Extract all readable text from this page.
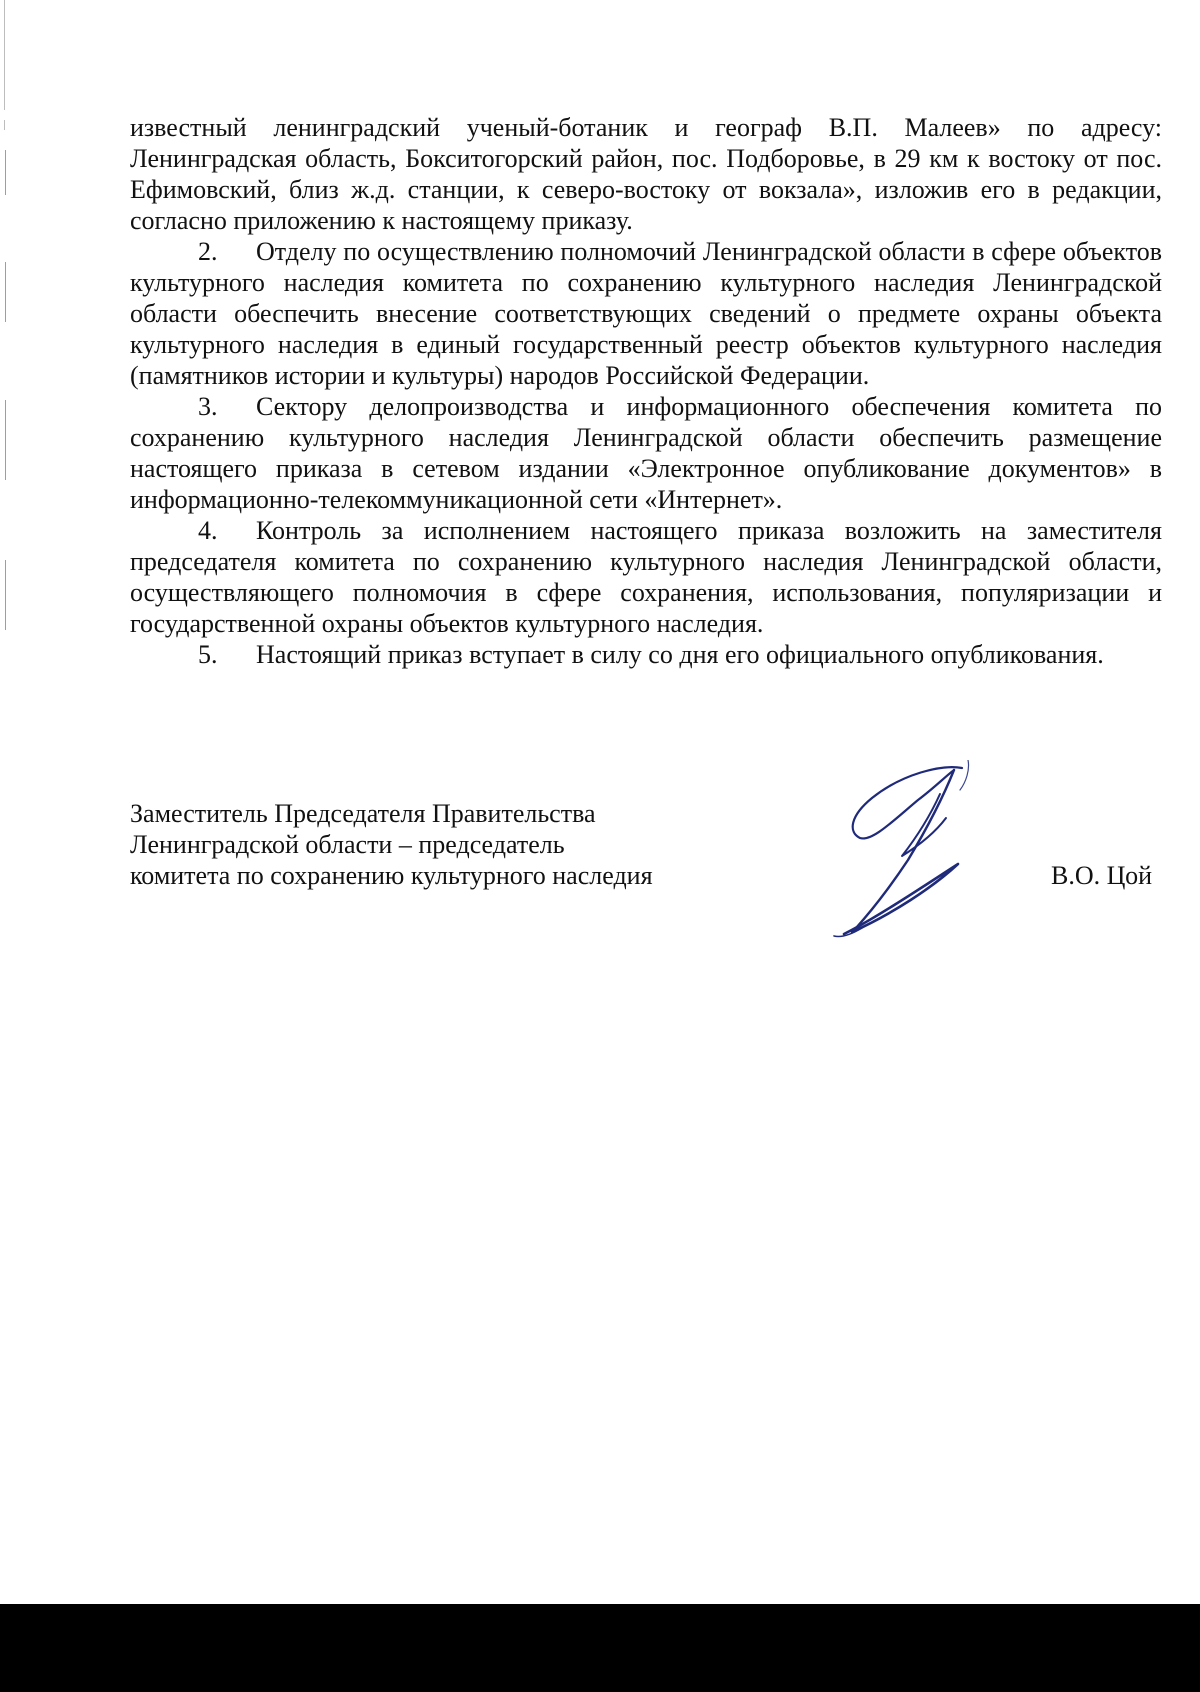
известный ленинградский ученый-ботаник и географ В.П. Малеев» по адресу: Ленинградская область, Бокситогорский район, пос. Подборовье, в 29 км к востоку от пос. Ефимовский, близ ж.д. станции, к северо-востоку от вокзала», изложив его в редакции, согласно приложению к настоящему приказу.

2. Отделу по осуществлению полномочий Ленинградской области в сфере объектов культурного наследия комитета по сохранению культурного наследия Ленинградской области обеспечить внесение соответствующих сведений о предмете охраны объекта культурного наследия в единый государственный реестр объектов культурного наследия (памятников истории и культуры) народов Российской Федерации.

3. Сектору делопроизводства и информационного обеспечения комитета по сохранению культурного наследия Ленинградской области обеспечить размещение настоящего приказа в сетевом издании «Электронное опубликование документов» в информационно-телекоммуникационной сети «Интернет».

4. Контроль за исполнением настоящего приказа возложить на заместителя председателя комитета по сохранению культурного наследия Ленинградской области, осуществляющего полномочия в сфере сохранения, использования, популяризации и государственной охраны объектов культурного наследия.

5. Настоящий приказ вступает в силу со дня его официального опубликования.

Заместитель Председателя Правительства
Ленинградской области – председатель
комитета по сохранению культурного наследия	В.О. Цой
